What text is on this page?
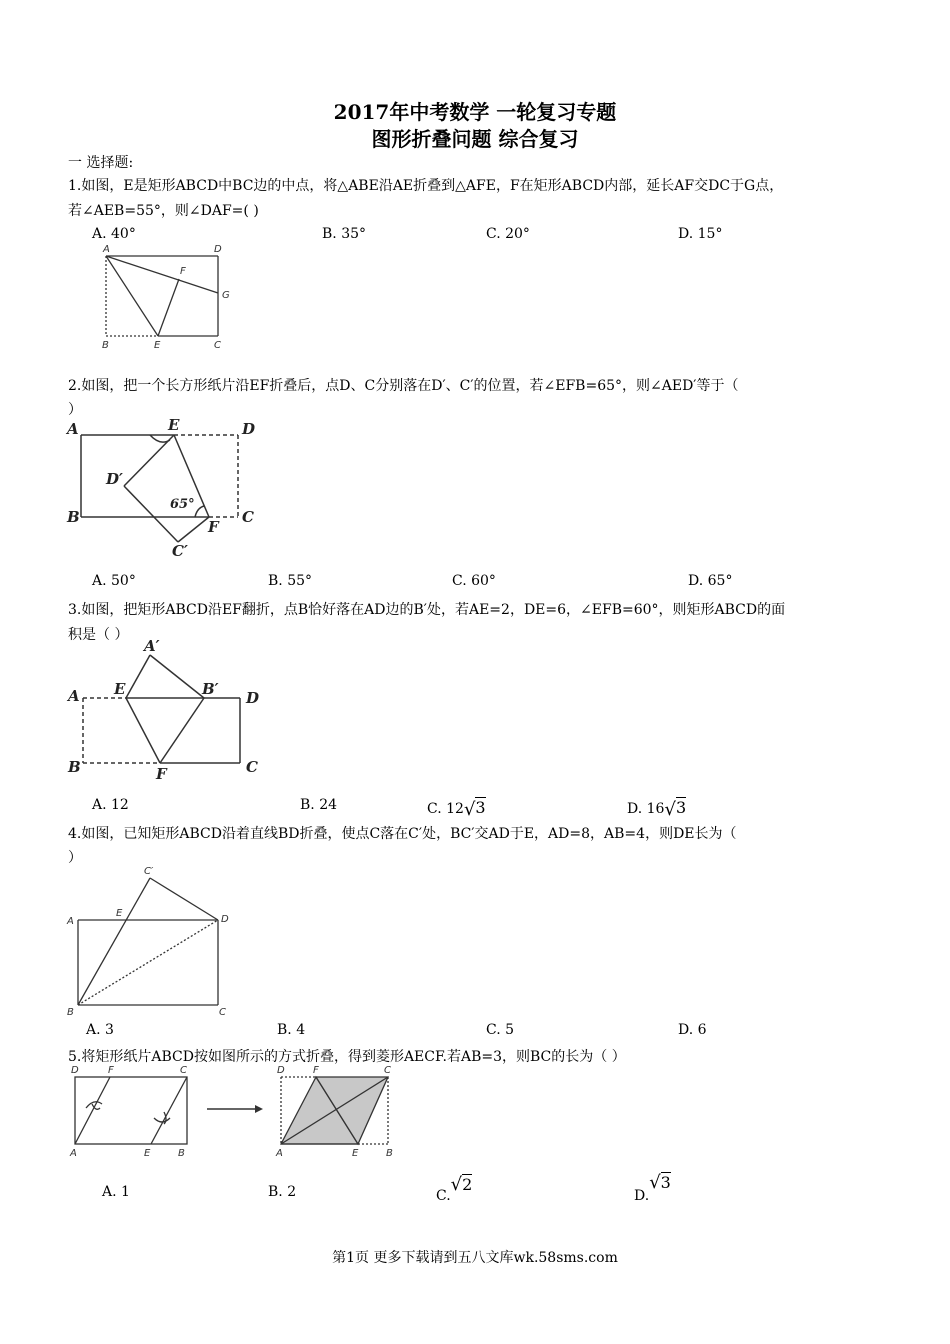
2017年中考数学 一轮复习专题
图形折叠问题 综合复习
一 选择题:
1.如图，E是矩形ABCD中BC边的中点，将△ABE沿AE折叠到△AFE，F在矩形ABCD内部，延长AF交DC于G点，
若∠AEB=55°，则∠DAF=( )
A. 40°	B. 35°	C. 20°	D. 15°
A	D
F
G
B	E	C
2.如图，把一个长方形纸片沿EF折叠后，点D、C分别落在D′、C′的位置，若∠EFB=65°，则∠AED′等于（
）
A	E	D
D′
65°
B	C
F
C′
A. 50°	B. 55°	C. 60°	D. 65°
3.如图，把矩形ABCD沿EF翻折，点B恰好落在AD边的B′处，若AE=2，DE=6，∠EFB=60°，则矩形ABCD的面
积是（ ）
A′
A E	B′ D
B	F	C
A. 12	B. 24	C. 12√3	D. 16√3
4.如图，已知矩形ABCD沿着直线BD折叠，使点C落在C′处，BC′交AD于E，AD=8，AB=4，则DE长为（
）
C′
A
E
D
B	C
A. 3	B. 4	C. 5	D. 6
5.将矩形纸片ABCD按如图所示的方式折叠，得到菱形AECF.若AB=3，则BC的长为（ ）
D	F	C
A	E	B
D	F	C
A	E	B
A. 1	B. 2	C.√2
D.√3
第1页 更多下载请到五八文库wk.58sms.com
